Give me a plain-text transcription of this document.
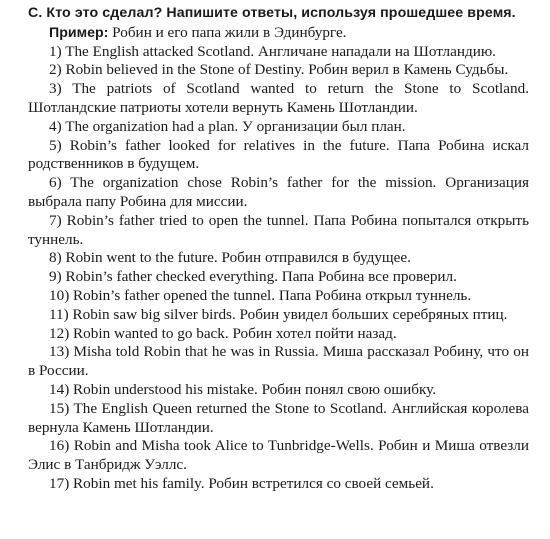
С. Кто это сделал? Напишите ответы, используя прошедшее время.

Пример: Робин и его папа жили в Эдинбурге.

1) The English attacked Scotland. Англичане нападали на Шотландию.
2) Robin believed in the Stone of Destiny. Робин верил в Камень Судьбы.
3) The patriots of Scotland wanted to return the Stone to Scotland. Шотландские патриоты хотели вернуть Камень Шотландии.
4) The organization had a plan. У организации был план.
5) Robin’s father looked for relatives in the future. Папа Робина искал родственников в будущем.
6) The organization chose Robin’s father for the mission. Организация выбрала папу Робина для миссии.
7) Robin’s father tried to open the tunnel. Папа Робина попытался открыть туннель.
8) Robin went to the future. Робин отправился в будущее.
9) Robin’s father checked everything. Папа Робина все проверил.
10) Robin’s father opened the tunnel. Папа Робина открыл туннель.
11) Robin saw big silver birds. Робин увидел больших серебряных птиц.
12) Robin wanted to go back. Робин хотел пойти назад.
13) Misha told Robin that he was in Russia. Миша рассказал Робину, что он в России.
14) Robin understood his mistake. Робин понял свою ошибку.
15) The English Queen returned the Stone to Scotland. Английская королева вернула Камень Шотландии.
16) Robin and Misha took Alice to Tunbridge-Wells. Робин и Миша отвезли Элис в Танбридж Уэллс.
17) Robin met his family. Робин встретился со своей семьей.
